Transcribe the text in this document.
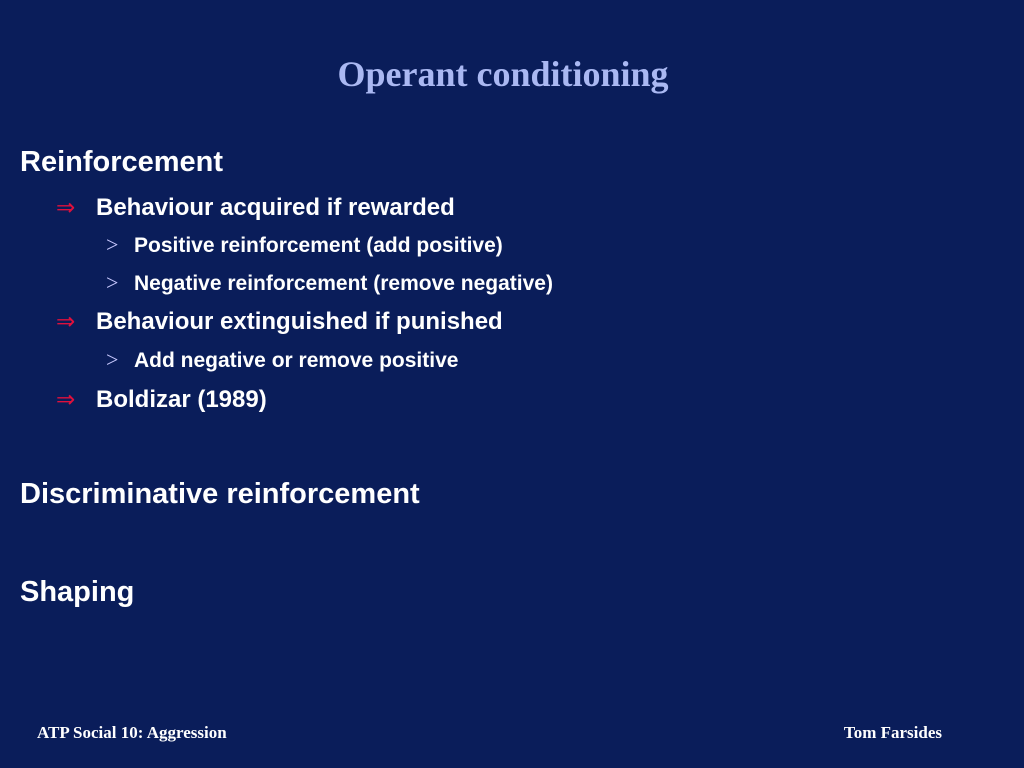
Operant conditioning
Reinforcement
⇒ Behaviour acquired if rewarded
> Positive reinforcement (add positive)
> Negative reinforcement (remove negative)
⇒ Behaviour extinguished if punished
> Add negative or remove positive
⇒ Boldizar (1989)
Discriminative reinforcement
Shaping
ATP Social 10: Aggression	Tom Farsides
